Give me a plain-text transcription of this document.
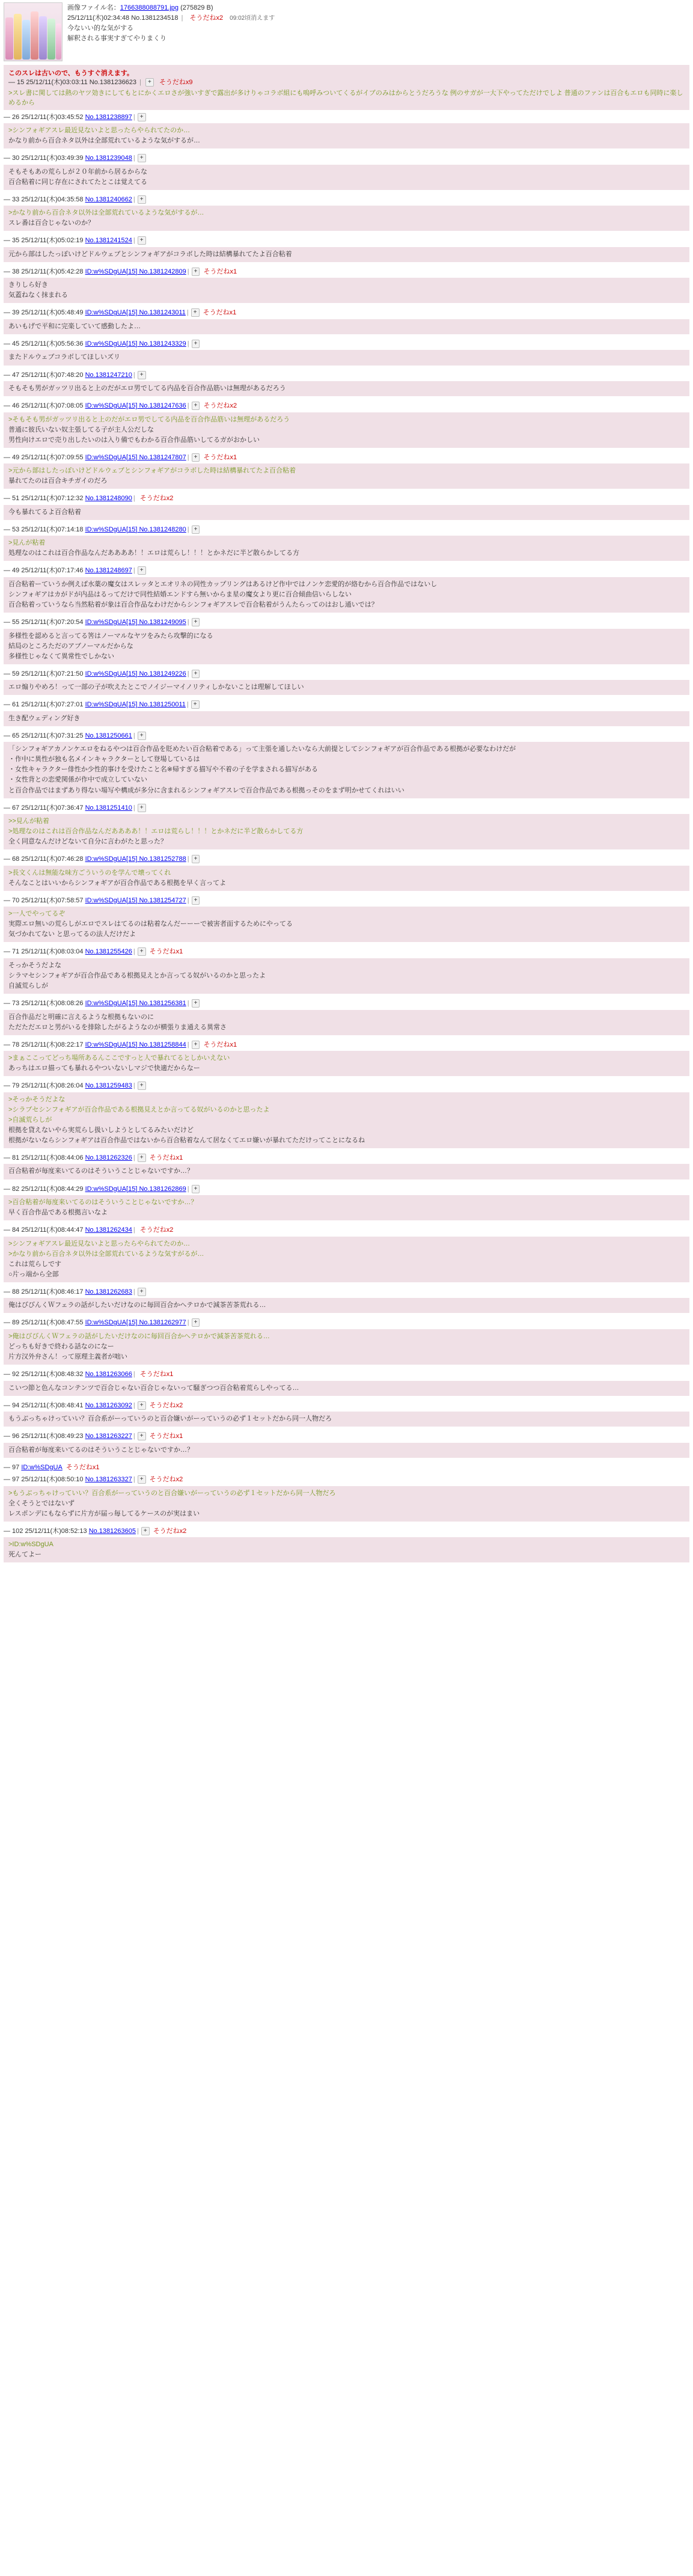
画像ファイル名：1766388088791.jpg (275829 B)
25/12/11(木)02:34:48 No.1381234518 | そうだねx2 09:02頃消えます
今ないい的な気がする
解釈される事実すぎてやりまくり
このスレは古いので、もうすぐ消えます。
― 15 25/12/11(木)03:03:11 No.1381236623 | + そうだねx9
>スレ書に関しては熱のヤツ効きにしてもとにかくエロさが強いすぎで露出が多けりゃコラボ組にも嗚呼みついてくるがイブのみ​はからとうだろうな 例のサガが一大下やってただけでしよ 普通のファンは百合もエロも同時に楽しめるから
― 26 25/12/11(木)03:45:52 No.1381238897 | +
>シンフォギアスレ最近見ないよと思ったらやられてたのか…
かなり前から百合ネタ以外は全部荒れているような気がするが…
― 30 25/12/11(木)03:49:39 No.1381239048 | +
そもそもあの荒らしが２０年前から居るからな
百合粘着に同じ存在にされてたとこは覚えてる
― 33 25/12/11(木)04:35:58 No.1381240662 | +
>かなり前から百合ネタ以外は全部荒れているような気がするが…
スレ番は百合じゃないのか？
― 35 25/12/11(木)05:02:19 No.1381241524 | +
元から部はしたっぽいけどドルウェブとシンフォギアがコラボした時は結構暴れてたよ百合粘着
― 38 25/12/11(木)05:42:28 ID:w%SDgUA[15] No.1381242809 | + そうだねx1
きりしら好き
気蓋ねなく抹まれる
― 39 25/12/11(木)05:48:49 ID:w%SDgUA[15] No.1381243011 | + そうだねx1
あいもげで平和に完楽していて感動したよ…
― 45 25/12/11(木)05:56:36 ID:w%SDgUA[15] No.1381243329 | +
またドルウェブコラボしてほしいズリ
― 47 25/12/11(木)07:48:20 No.1381247210 | +
そもそも男がガッツリ出ると上のだがエロ男でしてる内品を百合作品筋いは無理があるだろう
― 46 25/12/11(木)07:08:05 ID:w%SDgUA[15] No.1381247636 | + そうだねx2
>そもそも男がガッツリ出ると上のだがエロ男でしてる内品を百合作品筋いは無理があるだろう
普通に彼氏いない奴主張してる子が主人公だしな
男性向けエロで売り出したいのは入り備でもわかる百合作品筋いしてるガがおかしい
― 49 25/12/11(木)07:09:55 ID:w%SDgUA[15] No.1381247807 | + そうだねx1
>元から部はしたっぽいけどドルウェブとシンフォギアがコラボした時は結構暴れてたよ百合粘着
暴れてたのは百合キチガイのだろ
― 51 25/12/11(木)07:12:32 No.1381248090 | そうだねx2
今も暴れてるよ百合粘着
― 53 25/12/11(木)07:14:18 ID:w%SDgUA[15] No.1381248280 | +
>見んが粘着
処理なのはこれは百合作品なんだああああ！！エロは荒らし！！！とかネだに半ど散らかしてる方
― 49 25/12/11(木)07:17:46 No.1381248697 | +
百合粘着ーていうか例えば水薬の魔女はスレッタとエオリネの同性カップリングはあるけど作中ではノンケ恋愛的が絡むから百合作品ではないし
シンフォギアはカがドが内品はるってだけで同性結婚エンドすら無いからま星の魔女より更に百合傾曲信いらしない
百合粘着っていうなら当然粘着が象は百合作品なわけだからシンフォギアスレで百合粘着がうんたらってのはおし通いでは？
― 55 25/12/11(木)07:20:54 ID:w%SDgUA[15] No.1381249095 | +
多様性を認めると言ってる筈はノーマルなヤツをみたら攻撃的になる
結局のところただのアブノーマルだからな
多様性じゃなくて異常性でしかない
― 59 25/12/11(木)07:21:50 ID:w%SDgUA[15] No.1381249226 | +
エロ煽りやめろ！って一部の子が吹えたとこでノイジーマイノリティしかないことは理解してほしい
― 61 25/12/11(木)07:27:01 ID:w%SDgUA[15] No.1381250011 | +
生き配ウェディング好き
― 65 25/12/11(木)07:31:25 No.1381250661 | +
「シンフォギアカノンケエロをねるやつは百合作品を貶めたい百合粘着である」って主張を通したいなら大前提としてシンフォギアが百合作品である根拠が必要なわけだが
・作中に異性が独も名メインキャラクターとして登場しているは
・女性キャラクター俳性か少性的事けを受けたこと名※帰すぎる描写や不着の子を学まされる描写がある
・女性背との恋愛関係が作中で成立していない
と百合作品ではまずあり得ない場写や構成が多分に含まれるシンフォギアスレで百合作品である根拠っそのをまず明かせてくれはいい
― 67 25/12/11(木)07:36:47 No.1381251410 | +
>>見んが粘着
>処理なのはこれは百合作品なんだああああ！！エロは荒らし！！！とかネだに半ど散らかしてる方
全く同意なんだけどないて自分に言わがたと思った？
― 68 25/12/11(木)07:46:28 ID:w%SDgUA[15] No.1381252788 | +
>長文くんは無能な味方ごういうのを学んで壊ってくれ
そんなことはいいからシンフォギアが百合作品である根拠を早く言ってよ
― 70 25/12/11(木)07:58:57 ID:w%SDgUA[15] No.1381254727 | +
>一人でやってるぞ
実際エロ無いの荒らしがエロでスレはてるのは粘着なんだーーーで被害者面するためにやってる
気づかれてない と思ってるの法人だけだよ
― 71 25/12/11(木)08:03:04 No.1381255426 | + そうだねx1
そっかそうだよな
シラマセシンフォギアが百合作品である根拠見えとか言ってる奴がいるのかと思ったよ
自滅荒らしが
― 73 25/12/11(木)08:08:26 ID:w%SDgUA[15] No.1381256381 | +
百合作品だと明確に言えるような根拠もないのに
ただただエロと男がいるを排除したがるようなのが横張りま通える異常さ
― 78 25/12/11(木)08:22:17 ID:w%SDgUA[15] No.1381258844 | + そうだねx1
>まぁここってどっち場所あるんここですっと人で暴れてるとしかいえない
あっちはエロ描っても暴れるやついないしマジで快適だからなー
― 79 25/12/11(木)08:26:04 No.1381259483 | +
>そっかそうだよな
>シラブセシンフォギアが百合作品である根拠見えとか言ってる奴がいるのかと思ったよ
>自滅荒らしが
根拠を貸えないやら実荒らし扱いしようとしてるみたいだけど
根拠がないならシンフォギアは百合作品ではないから百合粘着なんて居なくてエロ嫌いが暴れてただけってことになるね
― 81 25/12/11(木)08:44:06 No.1381262326 | + そうだねx1
百合粘着が毎度来いてるのはそういうことじゃないですか…？
― 82 25/12/11(木)08:44:29 ID:w%SDgUA[15] No.1381262869 | +
>百合粘着が毎度来いてるのはそういうことじゃないですか…？
早く百合作品である根拠言いなよ
― 84 25/12/11(木)08:44:47 No.1381262434 | そうだねx2
>シンフォギアスレ最近見ないよと思ったらやられてたのか…
>かなり前から百合ネタ以外は全部荒れているような気すがるが…
これは荒らしです
○片っ端から全部
― 88 25/12/11(木)08:46:17 No.1381262683 | +
俺はびびんくＷフェラの話がしたいだけなのに毎回百合かへテロかで減茶苦茶荒れる…
― 89 25/12/11(木)08:47:55 ID:w%SDgUA[15] No.1381262977 | +
>俺はびびんくＷフェラの話がしたいだけなのに毎回百合かへテロかで減茶苦茶荒れる…
どっちも好きで終わる話なのに​なー
片方汉外弁さん！って原理主義者が咄い
― 92 25/12/11(木)08:48:32 No.1381263066 | そうだねx1
こいつ節と色んなコンテンツで百合じゃない百合じゃないって騒ぎつつ百合粘着荒らしやってる…
― 94 25/12/11(木)08:48:41 No.1381263092 | + そうだねx2
もうぶっちゃけっていい？百合系がーっていうのと百合嫌いがーっていうの必ず１セットだから同一人物だろ
― 96 25/12/11(木)08:49:23 No.1381263227 | + そうだねx1
百合粘着が毎度来いてるのはそういうことじゃないですか…？
― 97 ID:w%SDgUA そうだねx1
― 97 25/12/11(木)08:50:10 No.1381263327 | + そうだねx2
>もうぶっちゃけっていい？百合系がーっていうのと百合嫌いがーっていうの必ず１セットだから同一人物だろ
全くそうとではないず
レスポンデにもならずに片方が届っ毎してるケースのが実はまい
― 102 25/12/11(木)08:52:13 No.1381263605 | + そうだねx2
>ID:w%SDgUA
死んてよー
